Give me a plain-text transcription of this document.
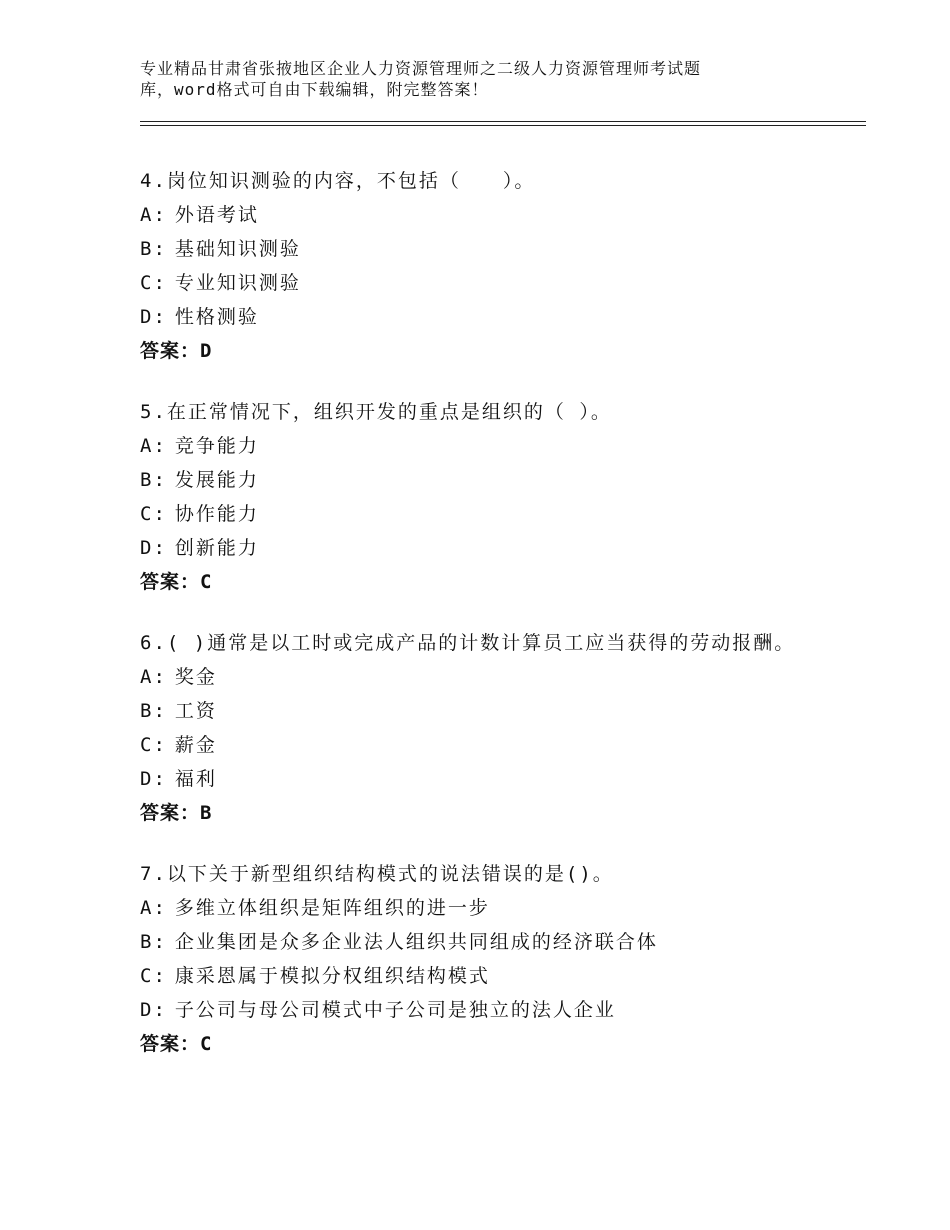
专业精品甘肃省张掖地区企业人力资源管理师之二级人力资源管理师考试题
库，word格式可自由下载编辑，附完整答案！
4.岗位知识测验的内容，不包括（　　）。
A: 外语考试
B: 基础知识测验
C: 专业知识测验
D: 性格测验
答案：D
5.在正常情况下，组织开发的重点是组织的（ ）。
A: 竞争能力
B: 发展能力
C: 协作能力
D: 创新能力
答案：C
6.( )通常是以工时或完成产品的计数计算员工应当获得的劳动报酬。
A: 奖金
B: 工资
C: 薪金
D: 福利
答案：B
7.以下关于新型组织结构模式的说法错误的是()。
A: 多维立体组织是矩阵组织的进一步
B: 企业集团是众多企业法人组织共同组成的经济联合体
C: 康采恩属于模拟分权组织结构模式
D: 子公司与母公司模式中子公司是独立的法人企业
答案：C
